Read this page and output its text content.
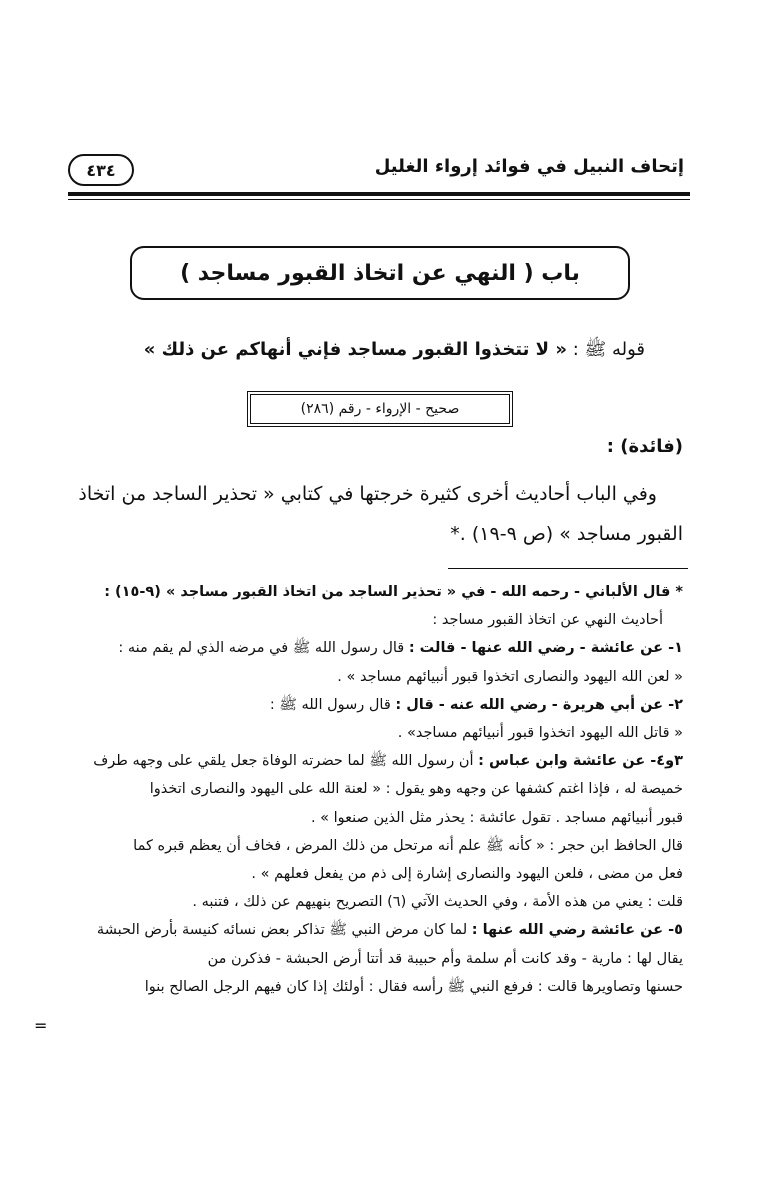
٤٣٤	إتحاف النبيل في فوائد إرواء الغليل
باب ( النهي عن اتخاذ القبور مساجد )
قوله ﷺ : « لا تتخذوا القبور مساجد فإني أنهاكم عن ذلك »
صحيح - الإرواء - رقم (٢٨٦)
(فائدة) :

وفي الباب أحاديث أخرى كثيرة خرجتها في كتابي « تحذير الساجد من اتخاذ

القبور مساجد » (ص ٩-١٩) .*

* قال الألباني - رحمه الله - في « تحذير الساجد من اتخاذ القبور مساجد » (٩-١٥) :

أحاديث النهي عن اتخاذ القبور مساجد :

١- عن عائشة - رضي الله عنها - قالت : قال رسول الله ﷺ في مرضه الذي لم يقم منه :

« لعن الله اليهود والنصارى اتخذوا قبور أنبيائهم مساجد » .

٢- عن أبي هريرة - رضي الله عنه - قال : قال رسول الله ﷺ :

« قاتل الله اليهود اتخذوا قبور أنبيائهم مساجد» .

٣و٤- عن عائشة وابن عباس : أن رسول الله ﷺ لما حضرته الوفاة جعل يلقي على وجهه طرف

خميصة له ، فإذا اغتم كشفها عن وجهه وهو يقول : « لعنة الله على اليهود والنصارى اتخذوا

قبور أنبيائهم مساجد . تقول عائشة : يحذر مثل الذين صنعوا » .

قال الحافظ ابن حجر : « كأنه ﷺ علم أنه مرتحل من ذلك المرض ، فخاف أن يعظم قبره كما

فعل من مضى ، فلعن اليهود والنصارى إشارة إلى ذم من يفعل فعلهم » .

قلت : يعني من هذه الأمة ، وفي الحديث الآتي (٦) التصريح بنهيهم عن ذلك ، فتنبه .

٥- عن عائشة رضي الله عنها : لما كان مرض النبي ﷺ تذاكر بعض نسائه كنيسة بأرض الحبشة

يقال لها : مارية - وقد كانت أم سلمة وأم حبيبة قد أتتا أرض الحبشة - فذكرن من

حسنها وتصاويرها قالت : فرفع النبي ﷺ رأسه فقال : أولئك إذا كان فيهم الرجل الصالح بنوا

=
